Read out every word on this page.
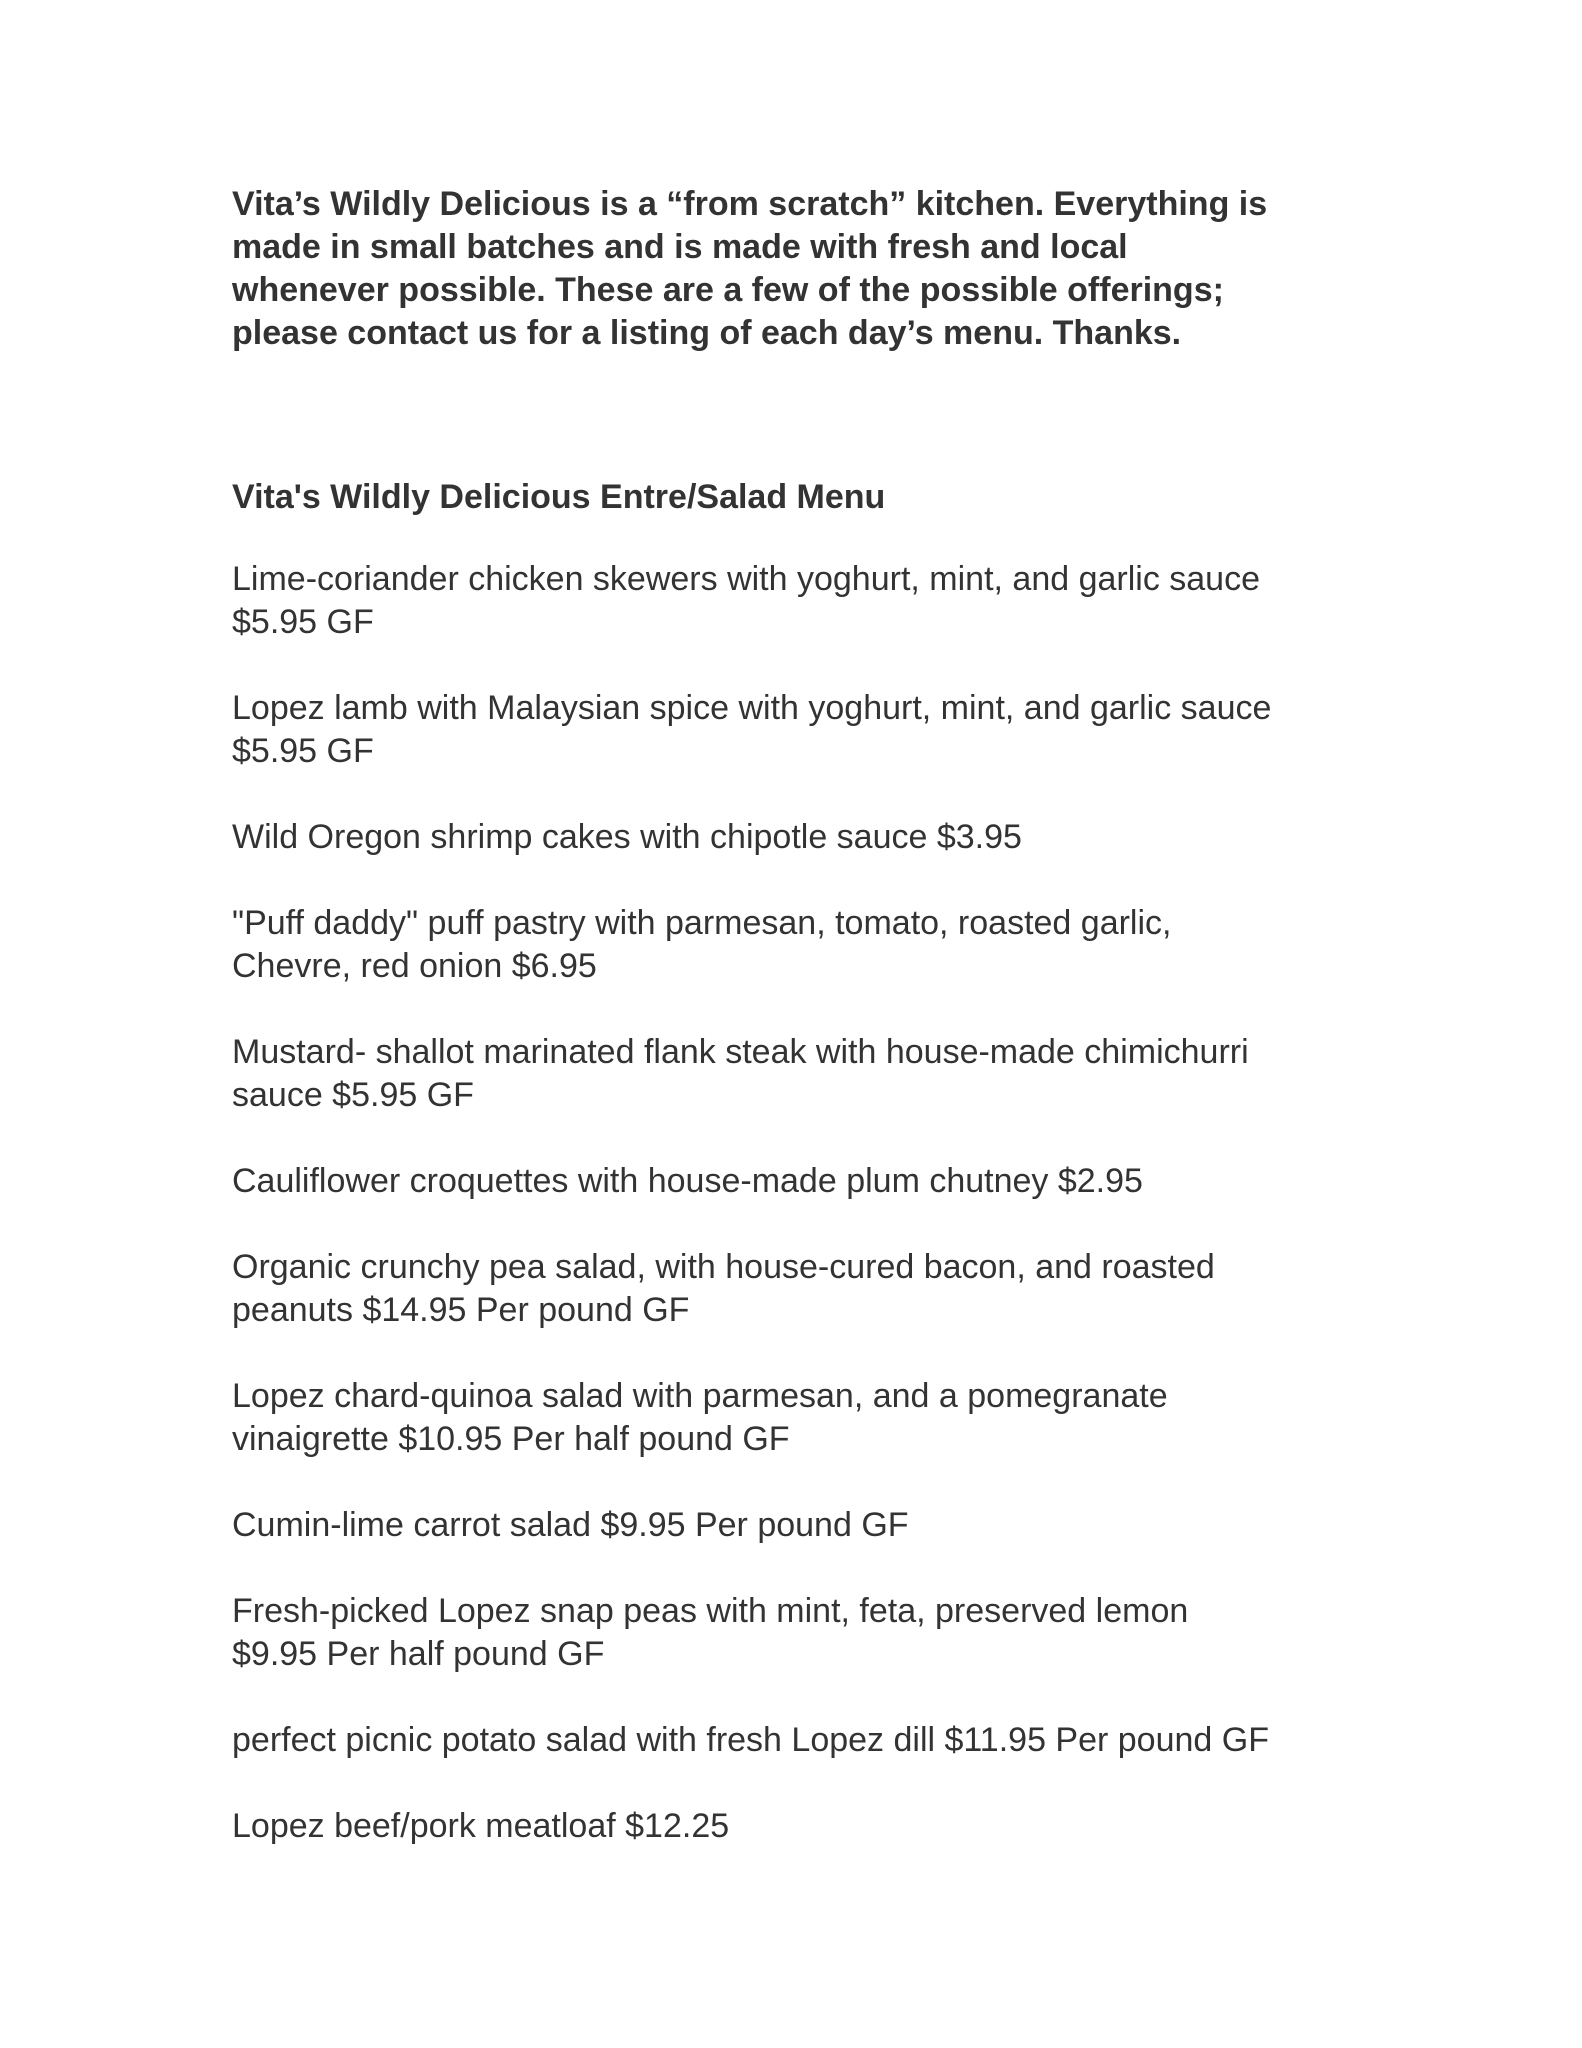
Vita’s Wildly Delicious is a “from scratch” kitchen. Everything is
made in small batches and is made with fresh and local
whenever possible. These are a few of the possible offerings;
please contact us for a listing of each day’s menu. Thanks.

Vita's Wildly Delicious Entre/Salad Menu
Lime-coriander chicken skewers with yoghurt, mint, and garlic sauce
$5.95 GF
Lopez lamb with Malaysian spice with yoghurt, mint, and garlic sauce
$5.95 GF
Wild Oregon shrimp cakes with chipotle sauce $3.95
"Puff daddy" puff pastry with parmesan, tomato, roasted garlic,
Chevre, red onion $6.95
Mustard- shallot marinated flank steak with house-made chimichurri
sauce $5.95 GF
Cauliflower croquettes with house-made plum chutney $2.95
Organic crunchy pea salad, with house-cured bacon, and roasted
peanuts $14.95 Per pound GF
Lopez chard-quinoa salad with parmesan, and a pomegranate
vinaigrette $10.95 Per half pound GF
Cumin-lime carrot salad $9.95 Per pound GF
Fresh-picked Lopez snap peas with mint, feta, preserved lemon
$9.95 Per half pound GF
perfect picnic potato salad with fresh Lopez dill $11.95 Per pound GF
Lopez beef/pork meatloaf $12.25
